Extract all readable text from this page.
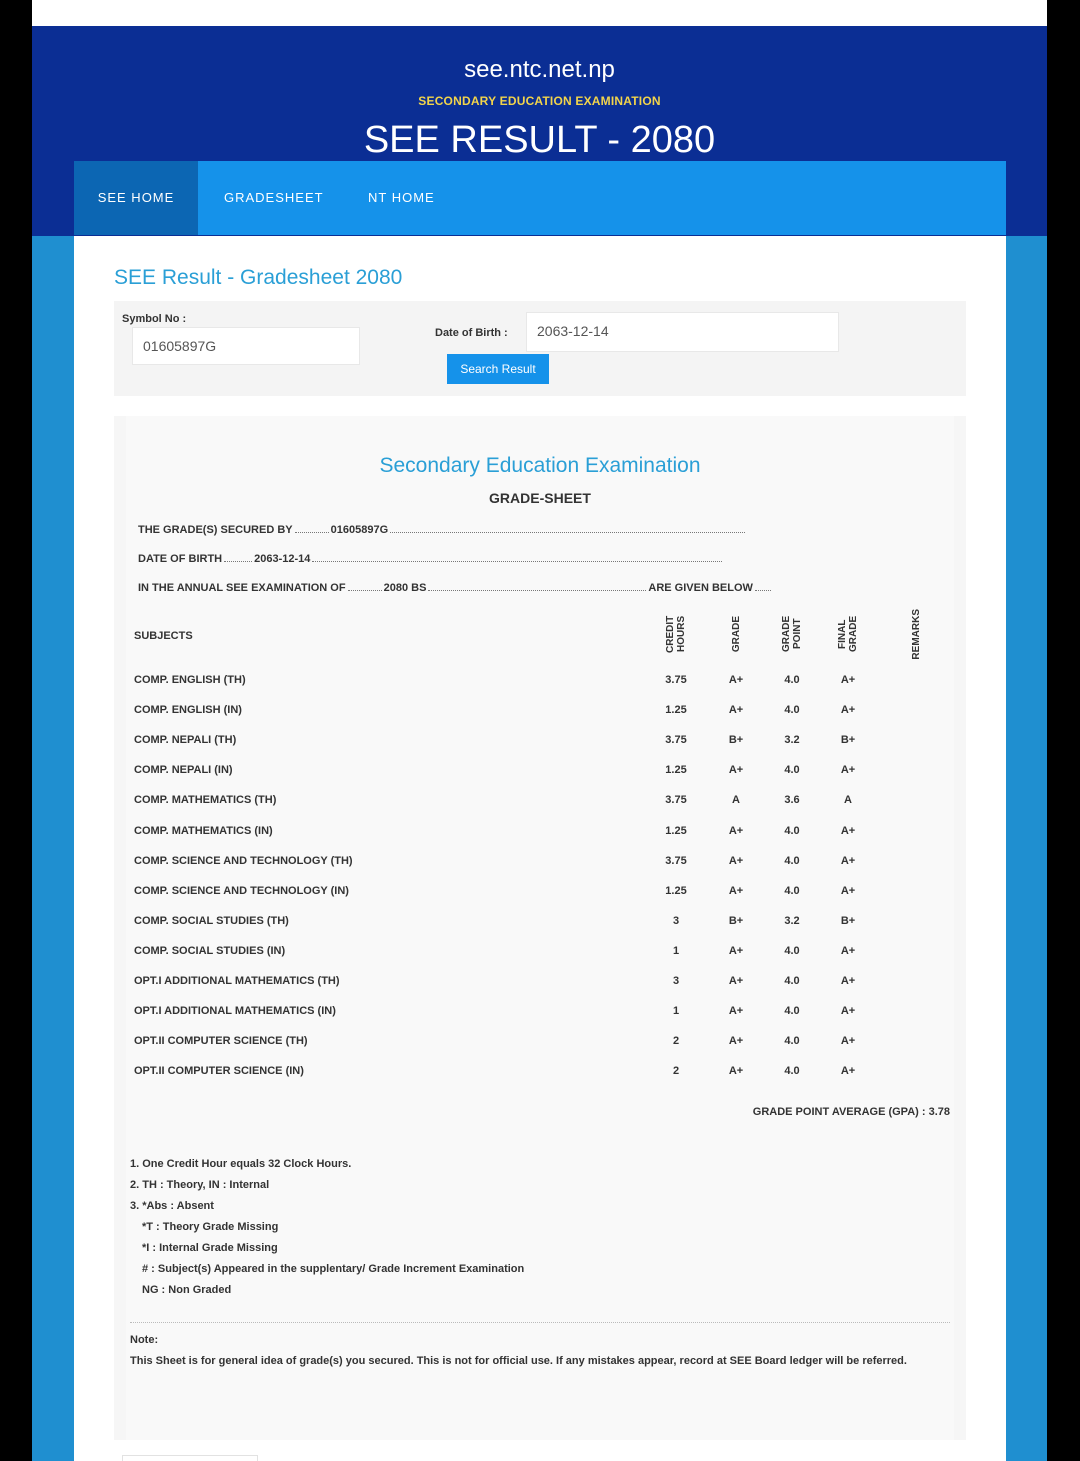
see.ntc.net.np
SECONDARY EDUCATION EXAMINATION
SEE RESULT - 2080
SEE HOME	GRADESHEET	NT HOME
SEE Result - Gradesheet 2080
Symbol No :
01605897G
Date of Birth :	2063-12-14
Search Result
Secondary Education Examination
GRADE-SHEET
THE GRADE(S) SECURED BY	01605897G
DATE OF BIRTH	2063-12-14
IN THE ANNUAL SEE EXAMINATION OF	2080 BS	ARE GIVEN BELOW
SUBJECTS	CREDIT HOURS	GRADE	GRADE POINT	FINAL GRADE	REMARKS
COMP. ENGLISH (TH)	3.75	A+	4.0	A+	
COMP. ENGLISH (IN)	1.25	A+	4.0	A+	
COMP. NEPALI (TH)	3.75	B+	3.2	B+	
COMP. NEPALI (IN)	1.25	A+	4.0	A+	
COMP. MATHEMATICS (TH)	3.75	A	3.6	A	
COMP. MATHEMATICS (IN)	1.25	A+	4.0	A+	
COMP. SCIENCE AND TECHNOLOGY (TH)	3.75	A+	4.0	A+	
COMP. SCIENCE AND TECHNOLOGY (IN)	1.25	A+	4.0	A+	
COMP. SOCIAL STUDIES (TH)	3	B+	3.2	B+	
COMP. SOCIAL STUDIES (IN)	1	A+	4.0	A+	
OPT.I ADDITIONAL MATHEMATICS (TH)	3	A+	4.0	A+	
OPT.I ADDITIONAL MATHEMATICS (IN)	1	A+	4.0	A+	
OPT.II COMPUTER SCIENCE (TH)	2	A+	4.0	A+	
OPT.II COMPUTER SCIENCE (IN)	2	A+	4.0	A+	
GRADE POINT AVERAGE (GPA) : 3.78
1. One Credit Hour equals 32 Clock Hours.
2. TH : Theory, IN : Internal
3. *Abs : Absent
*T : Theory Grade Missing
*I : Internal Grade Missing
# : Subject(s) Appeared in the supplentary/ Grade Increment Examination
NG : Non Graded
Note:
This Sheet is for general idea of grade(s) you secured. This is not for official use. If any mistakes appear, record at SEE Board ledger will be referred.
